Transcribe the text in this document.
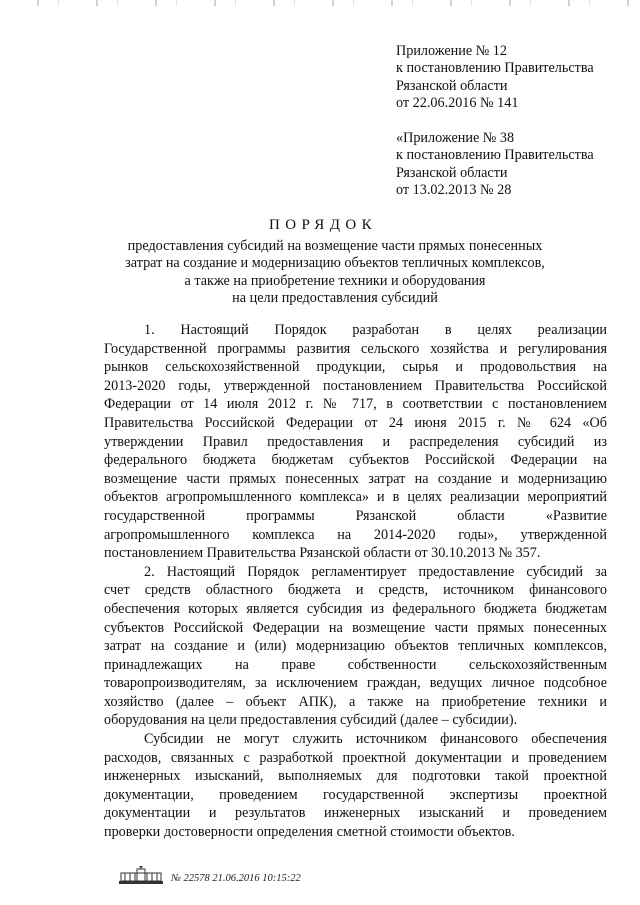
Приложение № 12
к постановлению Правительства
Рязанской области
от 22.06.2016 № 141
«Приложение № 38
к постановлению Правительства
Рязанской области
от 13.02.2013 № 28
ПОРЯДОК
предоставления субсидий на возмещение части прямых понесенных
затрат на создание и модернизацию объектов тепличных комплексов,
а также на приобретение техники и оборудования
на цели предоставления субсидий
1. Настоящий Порядок разработан в целях реализации
Государственной программы развития сельского хозяйства и регулирования
рынков сельскохозяйственной продукции, сырья и продовольствия на
2013-2020 годы, утвержденной постановлением Правительства Российской
Федерации от 14 июля 2012 г. № 717, в соответствии с постановлением
Правительства Российской Федерации от 24 июня 2015 г. № 624 «Об
утверждении Правил предоставления и распределения субсидий из
федерального бюджета бюджетам субъектов Российской Федерации на
возмещение части прямых понесенных затрат на создание и модернизацию
объектов агропромышленного комплекса» и в целях реализации мероприятий
государственной программы Рязанской области «Развитие
агропромышленного комплекса на 2014-2020 годы», утвержденной
постановлением Правительства Рязанской области от 30.10.2013 № 357.
2. Настоящий Порядок регламентирует предоставление субсидий за
счет средств областного бюджета и средств, источником финансового
обеспечения которых является субсидия из федерального бюджета бюджетам
субъектов Российской Федерации на возмещение части прямых понесенных
затрат на создание и (или) модернизацию объектов тепличных комплексов,
принадлежащих на праве собственности сельскохозяйственным
товаропроизводителям, за исключением граждан, ведущих личное подсобное
хозяйство (далее – объект АПК), а также на приобретение техники и
оборудования на цели предоставления субсидий (далее – субсидии).
Субсидии не могут служить источником финансового обеспечения
расходов, связанных с разработкой проектной документации и проведением
инженерных изысканий, выполняемых для подготовки такой проектной
документации, проведением государственной экспертизы проектной
документации и результатов инженерных изысканий и проведением
проверки достоверности определения сметной стоимости объектов.
№ 22578 21.06.2016 10:15:22
